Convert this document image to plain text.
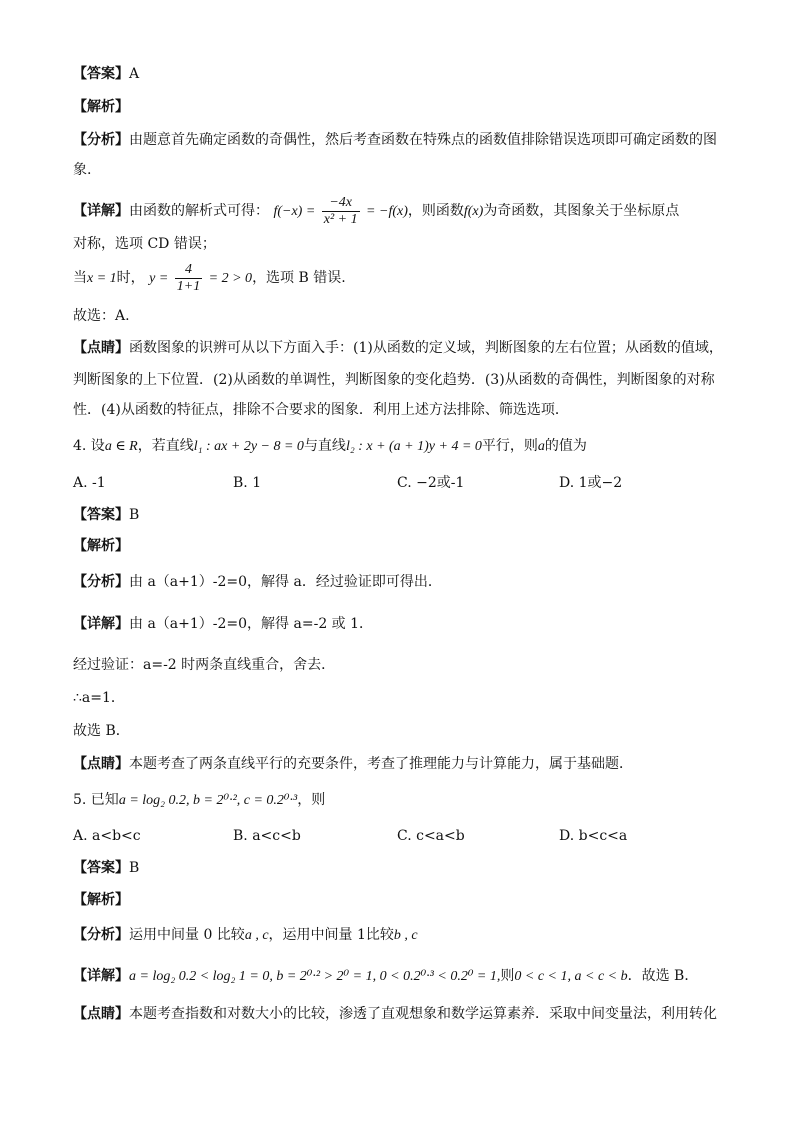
【答案】A
【解析】
【分析】由题意首先确定函数的奇偶性，然后考查函数在特殊点的函数值排除错误选项即可确定函数的图
象.
【详解】由函数的解析式可得： $f(-x) = \frac{-4x}{\text{x² + 1}} = -f(x)$，则函数f(x)为奇函数，其图象关于坐标原点
对称，选项 CD 错误；
当x = 1时， $y = \frac{4}{1+1} = 2 > 0$，选项 B 错误.
故选：A.
【点睛】函数图象的识辨可从以下方面入手：(1)从函数的定义域，判断图象的左右位置；从函数的值域，
判断图象的上下位置．(2)从函数的单调性，判断图象的变化趋势．(3)从函数的奇偶性，判断图象的对称
性．(4)从函数的特征点，排除不合要求的图象．利用上述方法排除、筛选选项．
4. 设a ∈ R，若直线l₁ : ax + 2y − 8 = 0与直线l₂ : x + (a + 1)y + 4 = 0平行，则a的值为
A. -1	B. 1	C. −2或-1	D. 1或−2
【答案】B
【解析】
【分析】由 a（a+1）-2=0，解得 a．经过验证即可得出．
【详解】由 a（a+1）-2=0，解得 a=-2 或 1．
经过验证：a=-2 时两条直线重合，舍去．
∴a=1．
故选 B．
【点睛】本题考查了两条直线平行的充要条件，考查了推理能力与计算能力，属于基础题．
5. 已知a = log₂ 0.2, b = 2⁰·², c = 0.2⁰·³，则
A. a<b<c	B. a<c<b	C. c<a<b	D. b<c<a
【答案】B
【解析】
【分析】运用中间量 0 比较a , c，运用中间量 1比较b , c
【详解】a = log₂ 0.2 < log₂ 1 = 0, b = 2⁰·² > 2⁰ = 1, 0 < 0.2⁰·³ < 0.2⁰ = 1,则0 < c < 1, a < c < b．故选 B．
【点睛】本题考查指数和对数大小的比较，渗透了直观想象和数学运算素养．采取中间变量法，利用转化
